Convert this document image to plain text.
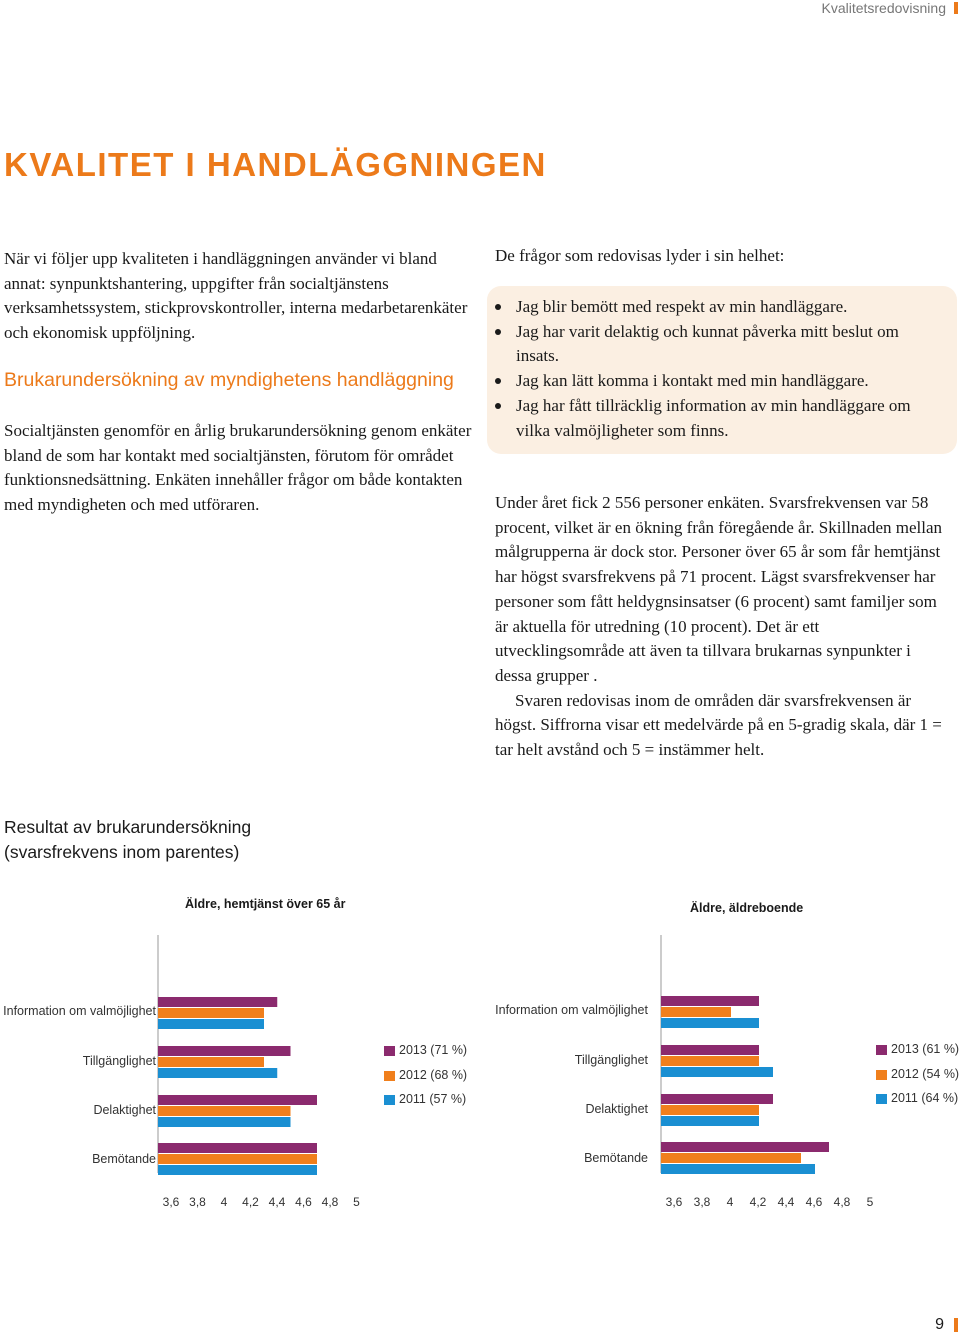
Kvalitetsredovisning
KVALITET I HANDLÄGGNINGEN
När vi följer upp kvaliteten i handläggningen använder vi bland annat: synpunktshantering, uppgifter från socialtjänstens verksamhetssystem, stickprovskontroller, interna medarbetarenkäter och ekonomisk uppföljning.
Brukarundersökning av myndighetens handläggning
Socialtjänsten genomför en årlig brukarundersökning genom enkäter bland de som har kontakt med socialtjänsten, förutom för området funktionsnedsättning. Enkäten innehåller frågor om både kontakten med myndigheten och med utföraren.

De frågor som redovisas lyder i sin helhet:

Jag blir bemött med respekt av min handläggare.
Jag har varit delaktig och kunnat påverka mitt beslut om insats.
Jag kan lätt komma i kontakt med min handläggare.
Jag har fått tillräcklig information av min handläggare om vilka valmöjligheter som finns.

Under året fick 2 556 personer enkäten. Svarsfrekvensen var 58 procent, vilket är en ökning från föregående år. Skillnaden mellan målgrupperna är dock stor. Personer över 65 år som får hemtjänst har högst svarsfrekvens på 71 procent. Lägst svarsfrekvenser har personer som fått heldygnsinsatser (6 procent) samt familjer som är aktuella för utredning (10 procent). Det är ett utvecklingsområde att även ta tillvara brukarnas synpunkter i dessa grupper .

Svaren redovisas inom de områden där svarsfrekvensen är högst. Siffrorna visar ett medelvärde på en 5-gradig skala, där 1 = tar helt avstånd och 5 = instämmer helt.

Resultat av brukarundersökning
(svarsfrekvens inom parentes)
Äldre, hemtjänst över 65 år
Information om valmöjlighet
Tillgänglighet
Delaktighet
Bemötande
3,6 3,8 4 4,2 4,4 4,6 4,8 5
2013 (71 %)
2012 (68 %)
2011 (57 %)
Äldre, äldreboende
Information om valmöjlighet
Tillgänglighet
Delaktighet
Bemötande
3,6 3,8 4 4,2 4,4 4,6 4,8 5
2013 (61 %)
2012 (54 %)
2011 (64 %)
9
